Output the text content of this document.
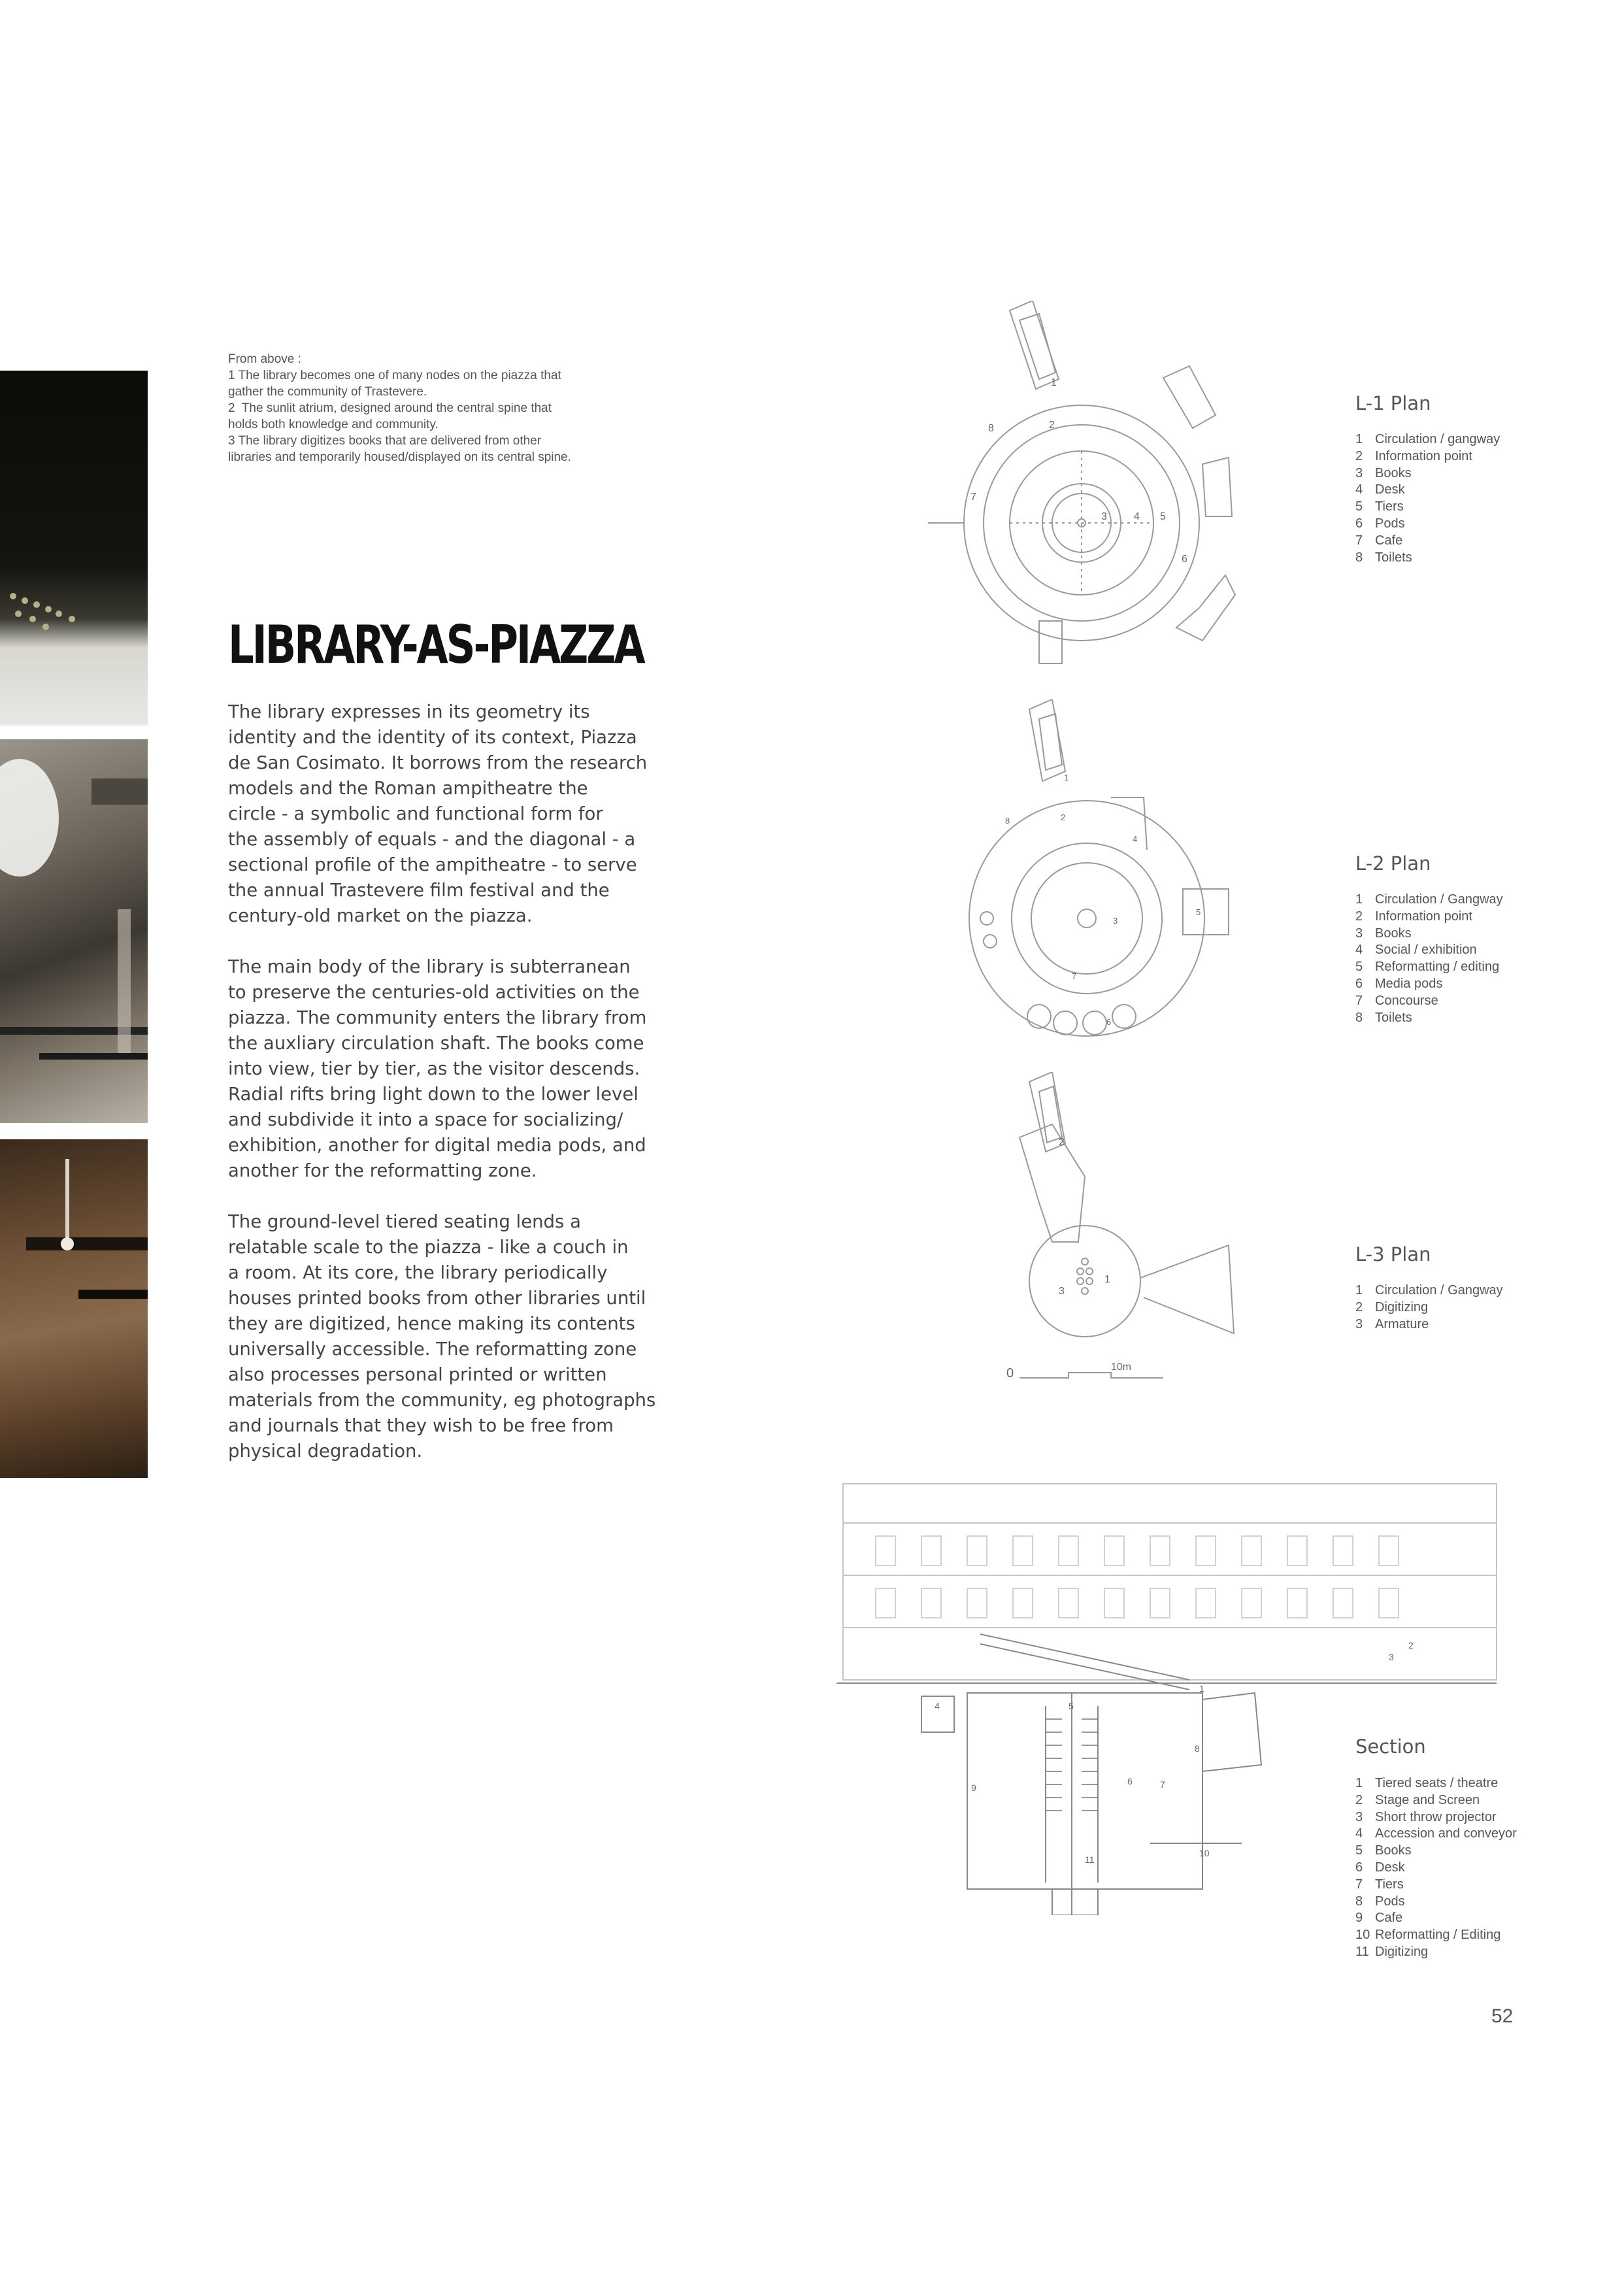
From above :
1 The library becomes one of many nodes on the piazza that
gather the community of Trastevere.
2  The sunlit atrium, designed around the central spine that
holds both knowledge and community.
3 The library digitizes books that are delivered from other
libraries and temporarily housed/displayed on its central spine.
LIBRARY-AS-PIAZZA

The library expresses in its geometry its

identity and the identity of its context, Piazza

de San Cosimato. It borrows from the research

models and the Roman ampitheatre the

circle - a symbolic and functional form for

the assembly of equals - and the diagonal - a

sectional profile of the ampitheatre - to serve

the annual Trastevere film festival and the

century-old market on the piazza.

The main body of the library is subterranean

to preserve the centuries-old activities on the

piazza. The community enters the library from

the auxliary circulation shaft. The books come

into view, tier by tier, as the visitor descends.

Radial rifts bring light down to the lower level

and subdivide it into a space for socializing/

exhibition, another for digital media pods, and

another for the reformatting zone.

The ground-level tiered seating lends a

relatable scale to the piazza - like a couch in

a room. At its core, the library periodically

houses printed books from other libraries until

they are digitized, hence making its contents

universally accessible. The reformatting zone

also processes personal printed or written

materials from the community, eg photographs

and journals that they wish to be free from

physical degradation.

1
2
3	4 5
6
7
8
1
2
3
4
5
6
7
8
1
2
3
0	10m
1
2
3
4	5
6	7
8
9
10
11
L-1 Plan
1 Circulation / gangway
2 Information point
3 Books
4 Desk
5 Tiers
6 Pods
7 Cafe
8 Toilets
L-2 Plan
1 Circulation / Gangway
2 Information point
3 Books
4 Social / exhibition
5 Reformatting / editing
6 Media pods
7 Concourse
8 Toilets
L-3 Plan
1 Circulation / Gangway
2 Digitizing
3 Armature
Section
1 Tiered seats / theatre
2 Stage and Screen
3 Short throw projector
4 Accession and conveyor
5 Books
6 Desk
7 Tiers
8 Pods
9 Cafe
10 Reformatting / Editing
11 Digitizing
52
